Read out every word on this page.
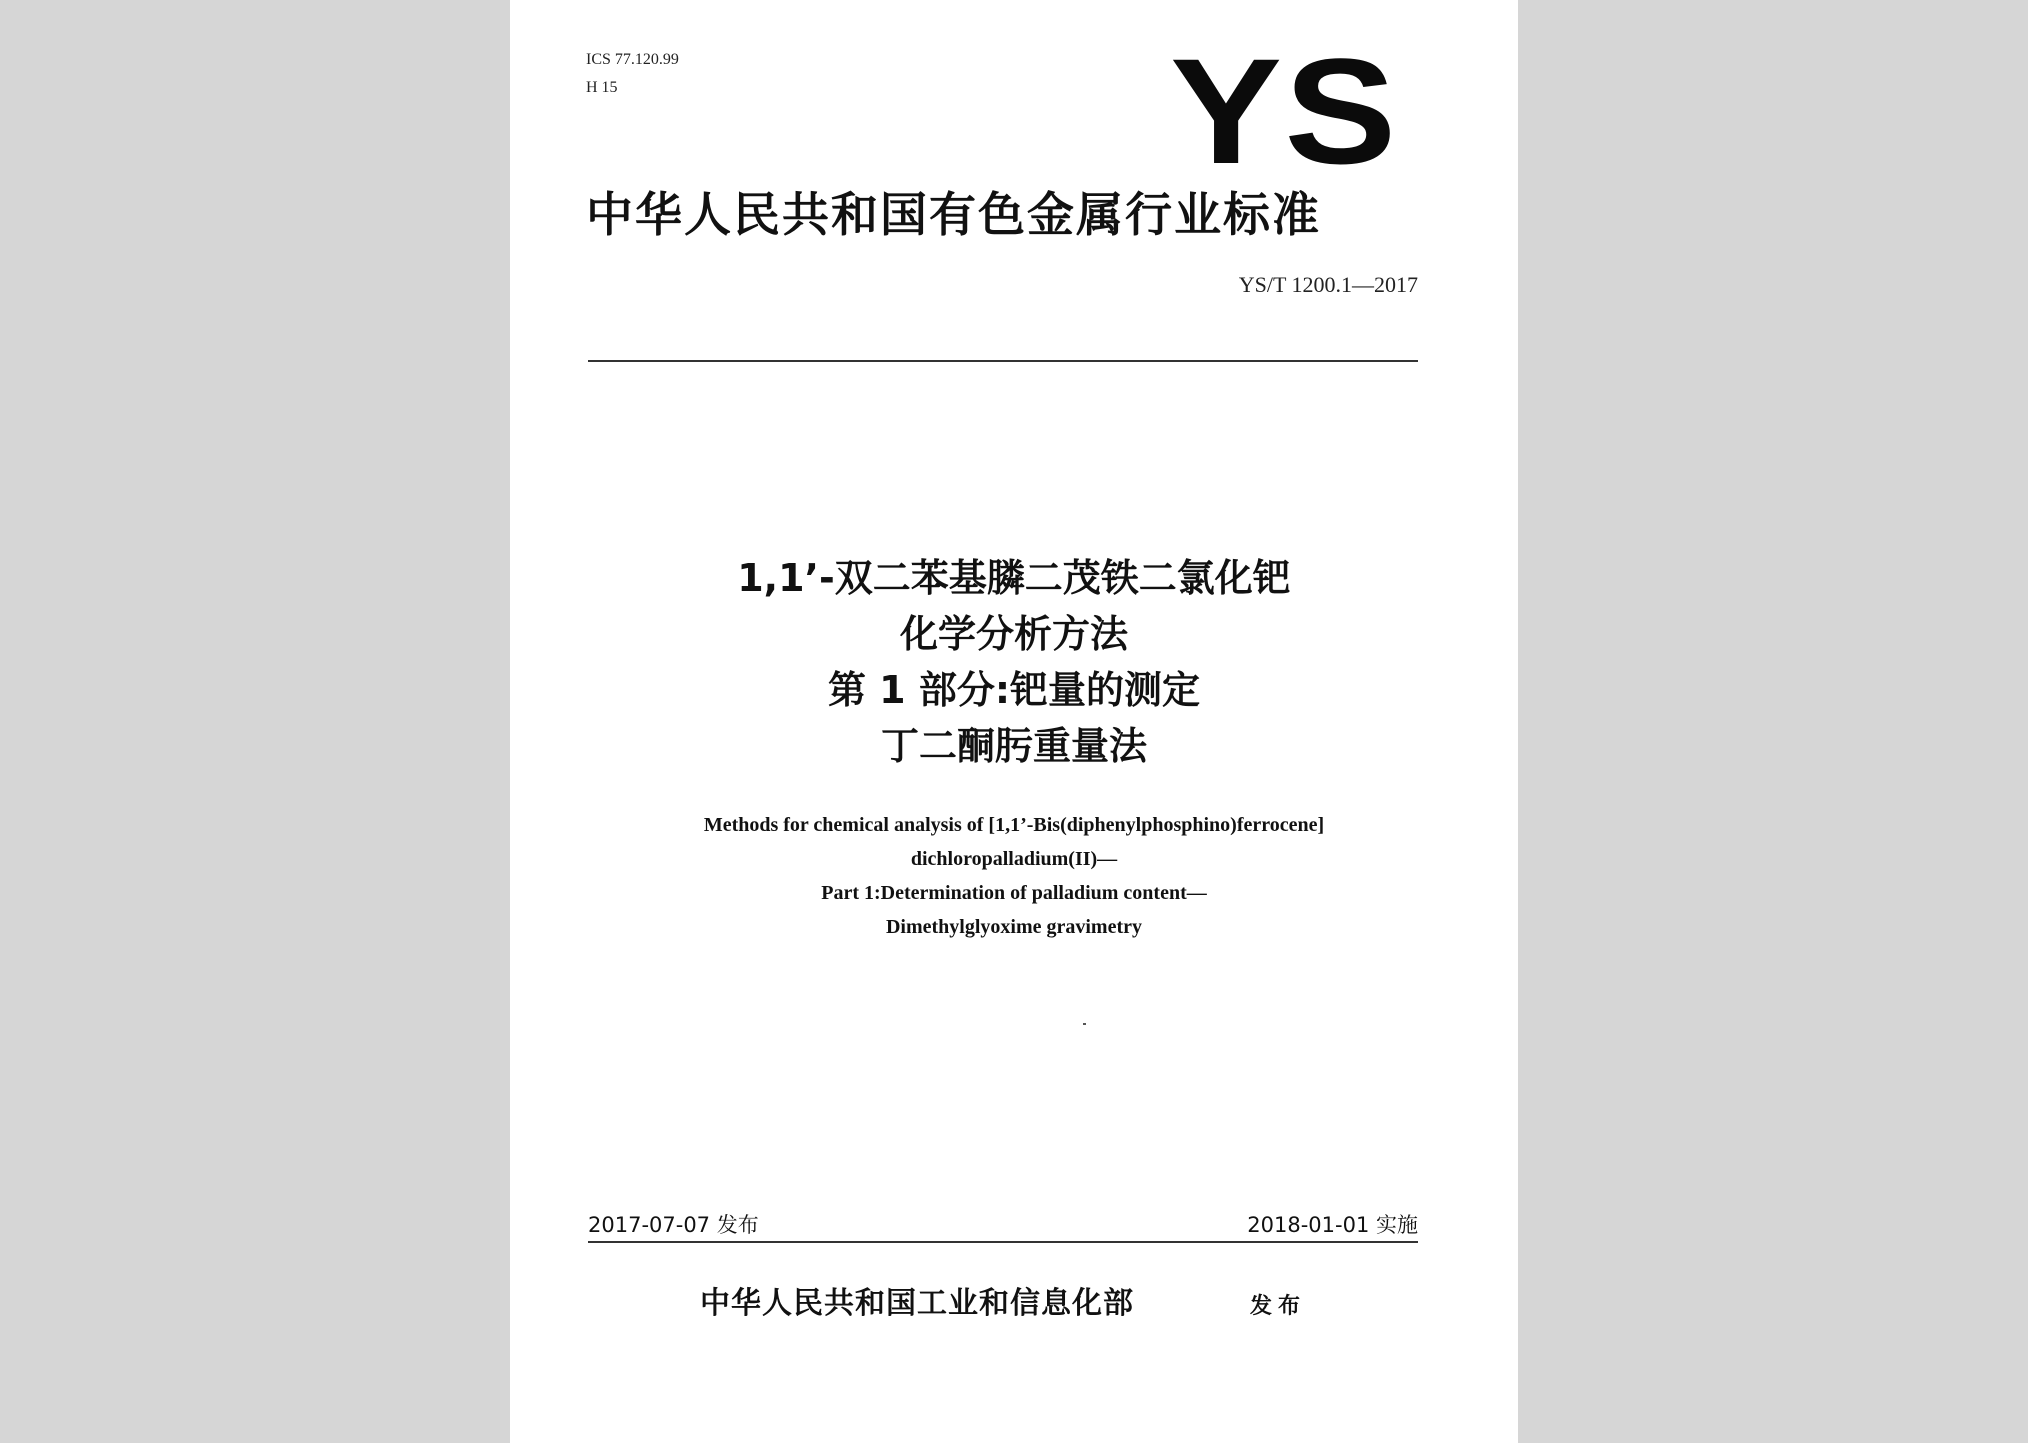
ICS 77.120.99
H 15	YS
中华人民共和国有色金属行业标准
YS/T 1200.1—2017
1,1’-双二苯基膦二茂铁二氯化钯
化学分析方法
第 1 部分:钯量的测定
丁二酮肟重量法
Methods for chemical analysis of [1,1’-Bis(diphenylphosphino)ferrocene]
dichloropalladium(II)—
Part 1:Determination of palladium content—
Dimethylglyoxime gravimetry
2017-07-07 发布	2018-01-01 实施
中华人民共和国工业和信息化部	发布
